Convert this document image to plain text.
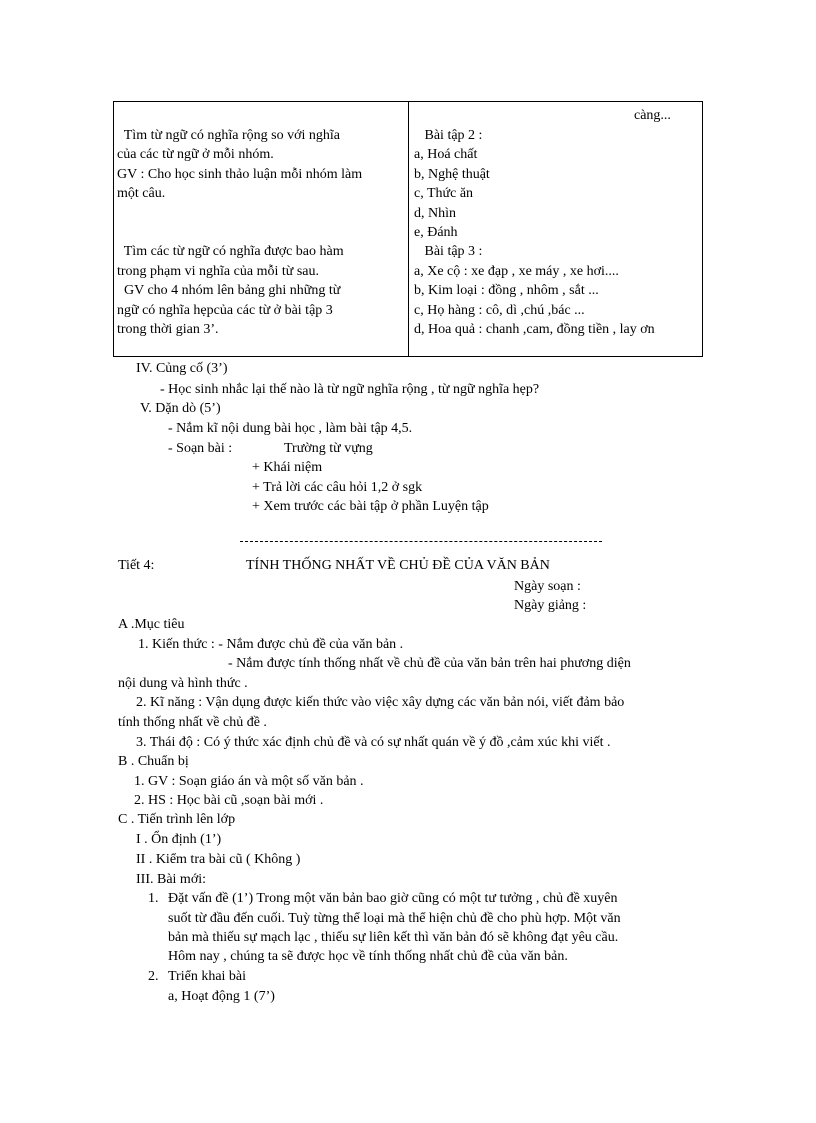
Tìm từ ngữ có nghĩa rộng so với nghĩa
của các từ ngữ ở mỗi nhóm.
GV : Cho học sinh thảo luận mỗi nhóm làm
một câu.
Tìm các từ ngữ có nghĩa được bao hàm
trong phạm vi nghĩa của mỗi từ sau.
GV cho 4 nhóm lên bảng ghi những từ
ngữ có nghĩa hẹpcủa các từ ở bài tập 3
trong thời gian 3’.
càng...
Bài tập 2 :
a, Hoá chất
b, Nghệ thuật
c, Thức ăn
d, Nhìn
e, Đánh
Bài tập 3 :
a, Xe cộ : xe đạp , xe máy , xe hơi....
b, Kim loại : đồng , nhôm , sắt ...
c, Họ hàng : cô, dì ,chú ,bác ...
d, Hoa quả : chanh ,cam, đồng tiền , lay ơn
IV. Củng cố (3’)
- Học sinh nhắc lại thế nào là từ ngữ nghĩa rộng , từ ngữ nghĩa hẹp?
V. Dặn dò (5’)
- Nắm kĩ nội dung bài học , làm bài tập 4,5.
- Soạn bài :	Trường từ vựng
+ Khái niệm
+ Trả lời các câu hỏi 1,2 ở sgk
+ Xem trước các bài tập ở phần Luyện tập
Tiết 4:	TÍNH THỐNG NHẤT VỀ CHỦ ĐỀ CỦA VĂN BẢN
Ngày soạn :
Ngày giảng :
A .Mục tiêu
1. Kiến thức : - Nắm được chủ đề của văn bản .
- Nắm được tính thống nhất về chủ đề của văn bản trên hai phương diện
nội dung và hình thức .
2. Kĩ năng : Vận dụng được kiến thức vào việc xây dựng các văn bản nói, viết đảm bảo
tính thống nhất về chủ đề .
3. Thái độ : Có ý thức xác định chủ đề và có sự nhất quán về ý đồ ,cảm xúc khi viết .
B . Chuẩn bị
1. GV : Soạn giáo án và một số văn bản .
2. HS : Học bài cũ ,soạn bài mới .
C . Tiến trình lên lớp
I . Ổn định (1’)
II . Kiểm tra bài cũ ( Không )
III. Bài mới:
1. Đặt vấn đề (1’) Trong một văn bản bao giờ cũng có một tư tưởng , chủ đề xuyên
suốt từ đầu đến cuối. Tuỳ từng thể loại mà thể hiện chủ đề cho phù hợp. Một văn
bản mà thiếu sự mạch lạc , thiếu sự liên kết thì văn bản đó sẽ không đạt yêu cầu.
Hôm nay , chúng ta sẽ được học về tính thống nhất chủ đề của văn bản.
2. Triển khai bài
a, Hoạt động 1 (7’)
